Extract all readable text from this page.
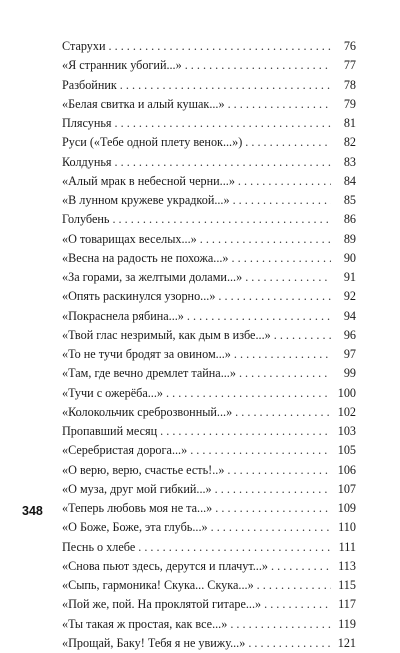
348
Старухи . . .	76
«Я странник убогий...» . . .	77
Разбойник . . .	78
«Белая свитка и алый кушак...» . . .	79
Плясунья . . .	81
Руси («Тебе одной плету венок...») . . .	82
Колдунья . . .	83
«Алый мрак в небесной черни...» . . .	84
«В лунном кружеве украдкой...» . . .	85
Голубень . . .	86
«О товарищах веселых...» . . .	89
«Весна на радость не похожа...» . . .	90
«За горами, за желтыми долами...» . . .	91
«Опять раскинулся узорно...» . . .	92
«Покраснела рябина...» . . .	94
«Твой глас незримый, как дым в избе...» . . .	96
«То не тучи бродят за овином...» . . .	97
«Там, где вечно дремлет тайна...» . . .	99
«Тучи с ожерёба...» . . .	100
«Колокольчик среброзвонный...» . . .	102
Пропавший месяц . . .	103
«Серебристая дорога...» . . .	105
«О верю, верю, счастье есть!..» . . .	106
«О муза, друг мой гибкий...» . . .	107
«Теперь любовь моя не та...» . . .	109
«О Боже, Боже, эта глубь...» . . .	110
Песнь о хлебе . . .	111
«Снова пьют здесь, дерутся и плачут...» . . .	113
«Сыпь, гармоника! Скука... Скука...» . . .	115
«Пой же, пой. На проклятой гитаре...» . . .	117
«Ты такая ж простая, как все...» . . .	119
«Прощай, Баку! Тебя я не увижу...» . . .	121
